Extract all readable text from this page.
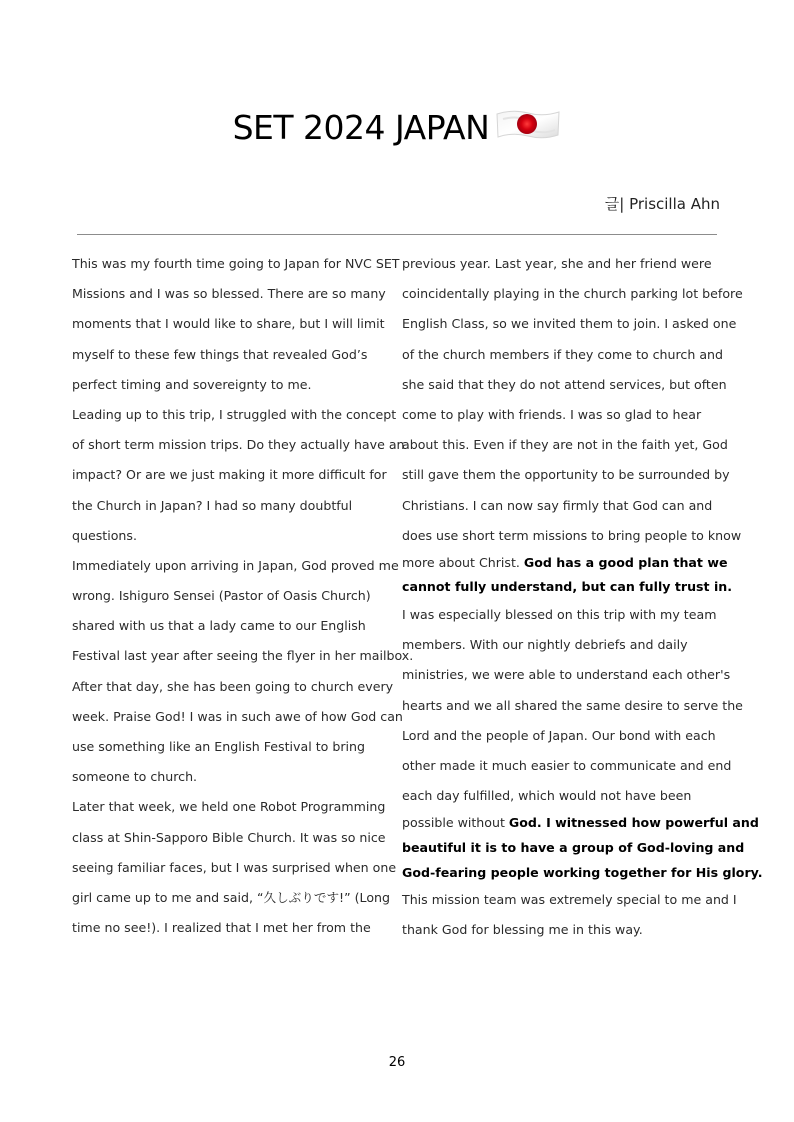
SET 2024 JAPAN
글| Priscilla Ahn
This was my fourth time going to Japan for NVC SET
Missions and I was so blessed. There are so many
moments that I would like to share, but I will limit
myself to these few things that revealed God’s
perfect timing and sovereignty to me.
Leading up to this trip, I struggled with the concept
of short term mission trips. Do they actually have an
impact? Or are we just making it more difficult for
the Church in Japan? I had so many doubtful
questions.
Immediately upon arriving in Japan, God proved me
wrong. Ishiguro Sensei (Pastor of Oasis Church)
shared with us that a lady came to our English
Festival last year after seeing the flyer in her mailbox.
After that day, she has been going to church every
week. Praise God! I was in such awe of how God can
use something like an English Festival to bring
someone to church.
Later that week, we held one Robot Programming
class at Shin-Sapporo Bible Church. It was so nice
seeing familiar faces, but I was surprised when one
girl came up to me and said, “久しぶりです!” (Long
time no see!). I realized that I met her from the
previous year. Last year, she and her friend were
coincidentally playing in the church parking lot before
English Class, so we invited them to join. I asked one
of the church members if they come to church and
she said that they do not attend services, but often
come to play with friends. I was so glad to hear
about this. Even if they are not in the faith yet, God
still gave them the opportunity to be surrounded by
Christians. I can now say firmly that God can and
does use short term missions to bring people to know
more about Christ. God has a good plan that we
cannot fully understand, but can fully trust in.
I was especially blessed on this trip with my team
members. With our nightly debriefs and daily
ministries, we were able to understand each other's
hearts and we all shared the same desire to serve the
Lord and the people of Japan. Our bond with each
other made it much easier to communicate and end
each day fulfilled, which would not have been
possible without God. I witnessed how powerful and
beautiful it is to have a group of God-loving and
God-fearing people working together for His glory.
This mission team was extremely special to me and I
thank God for blessing me in this way.
26
